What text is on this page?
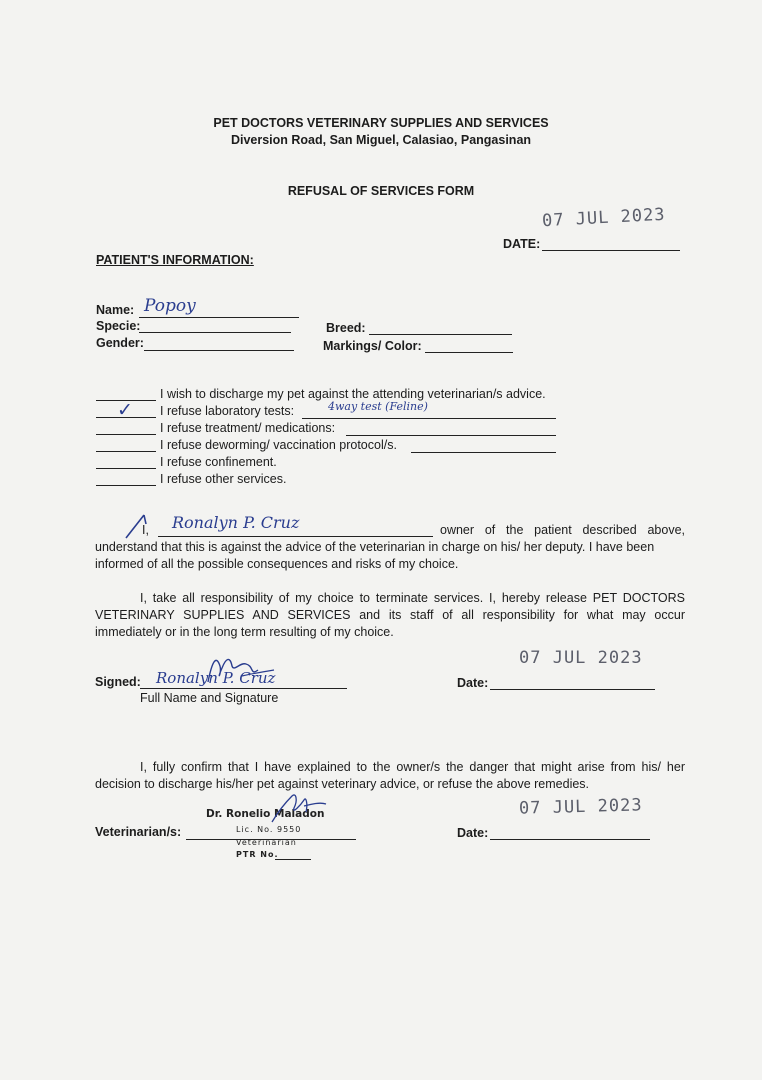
PET DOCTORS VETERINARY SUPPLIES AND SERVICES
Diversion Road, San Miguel, Calasiao, Pangasinan
REFUSAL OF SERVICES FORM
07 JUL 2023
DATE:
PATIENT'S INFORMATION:
Name: Popoy
Specie:	Breed:
Gender:	Markings/ Color:
I wish to discharge my pet against the attending veterinarian/s advice.
✓ I refuse laboratory tests:	4way test (Feline)
I refuse treatment/ medications:
I refuse deworming/ vaccination protocol/s.
I refuse confinement.
I refuse other services.
I, Ronalyn P. Cruz	owner of the patient described above,
understand that this is against the advice of the veterinarian in charge on his/ her deputy. I have been
informed of all the possible consequences and risks of my choice.
I, take all responsibility of my choice to terminate services. I, hereby release PET DOCTORS VETERINARY SUPPLIES AND SERVICES and its staff of all responsibility for what may occur immediately or in the long term resulting of my choice.
07 JUL 2023
Signed: Ronalyn P. Cruz
Full Name and Signature
Date:
I, fully confirm that I have explained to the owner/s the danger that might arise from his/ her decision to discharge his/her pet against veterinary advice, or refuse the above remedies.
07 JUL 2023
Veterinarian/s:
Dr. Ronelio Maladon
Lic. No. 9550
Veterinarian
PTR No.
Date:
